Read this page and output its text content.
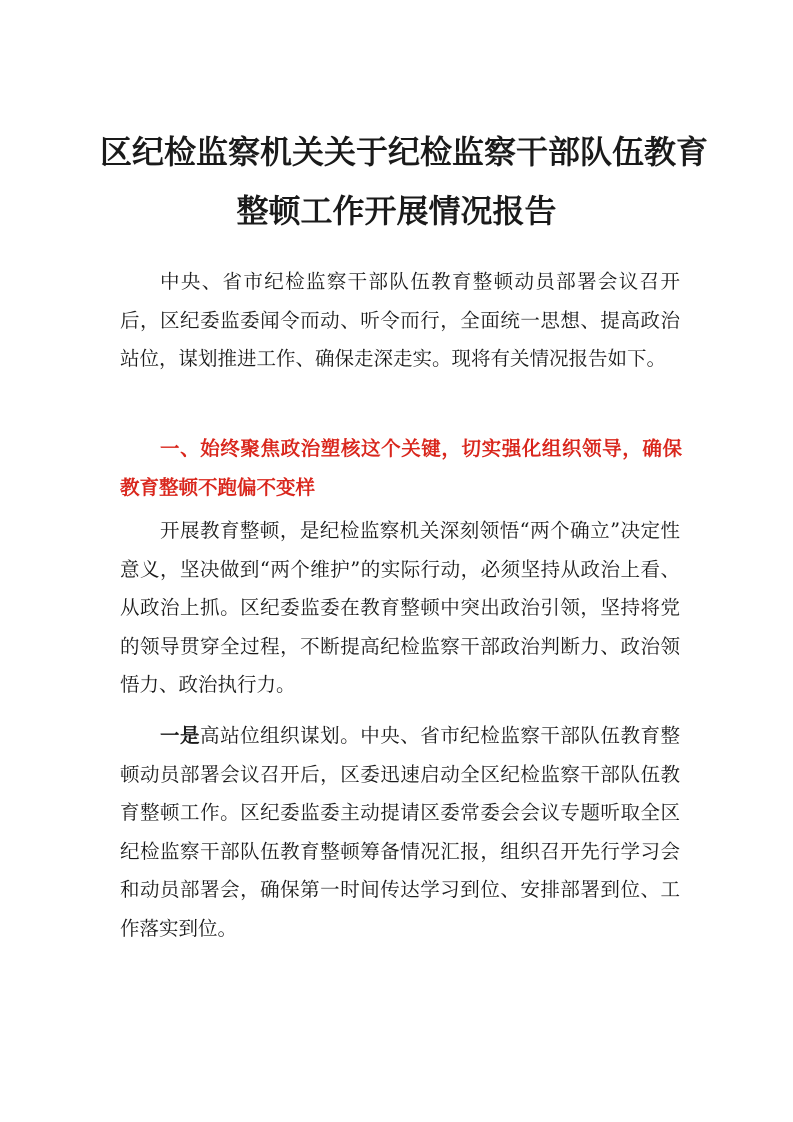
区纪检监察机关关于纪检监察干部队伍教育
整顿工作开展情况报告

中央、省市纪检监察干部队伍教育整顿动员部署会议召开后，区纪委监委闻令而动、听令而行，全面统一思想、提高政治站位，谋划推进工作、确保走深走实。现将有关情况报告如下。

一、始终聚焦政治塑核这个关键，切实强化组织领导，确保教育整顿不跑偏不变样

开展教育整顿，是纪检监察机关深刻领悟“两个确立”决定性意义，坚决做到“两个维护”的实际行动，必须坚持从政治上看、从政治上抓。区纪委监委在教育整顿中突出政治引领，坚持将党的领导贯穿全过程，不断提高纪检监察干部政治判断力、政治领悟力、政治执行力。

一是高站位组织谋划。中央、省市纪检监察干部队伍教育整顿动员部署会议召开后，区委迅速启动全区纪检监察干部队伍教育整顿工作。区纪委监委主动提请区委常委会会议专题听取全区纪检监察干部队伍教育整顿筹备情况汇报，组织召开先行学习会和动员部署会，确保第一时间传达学习到位、安排部署到位、工作落实到位。
